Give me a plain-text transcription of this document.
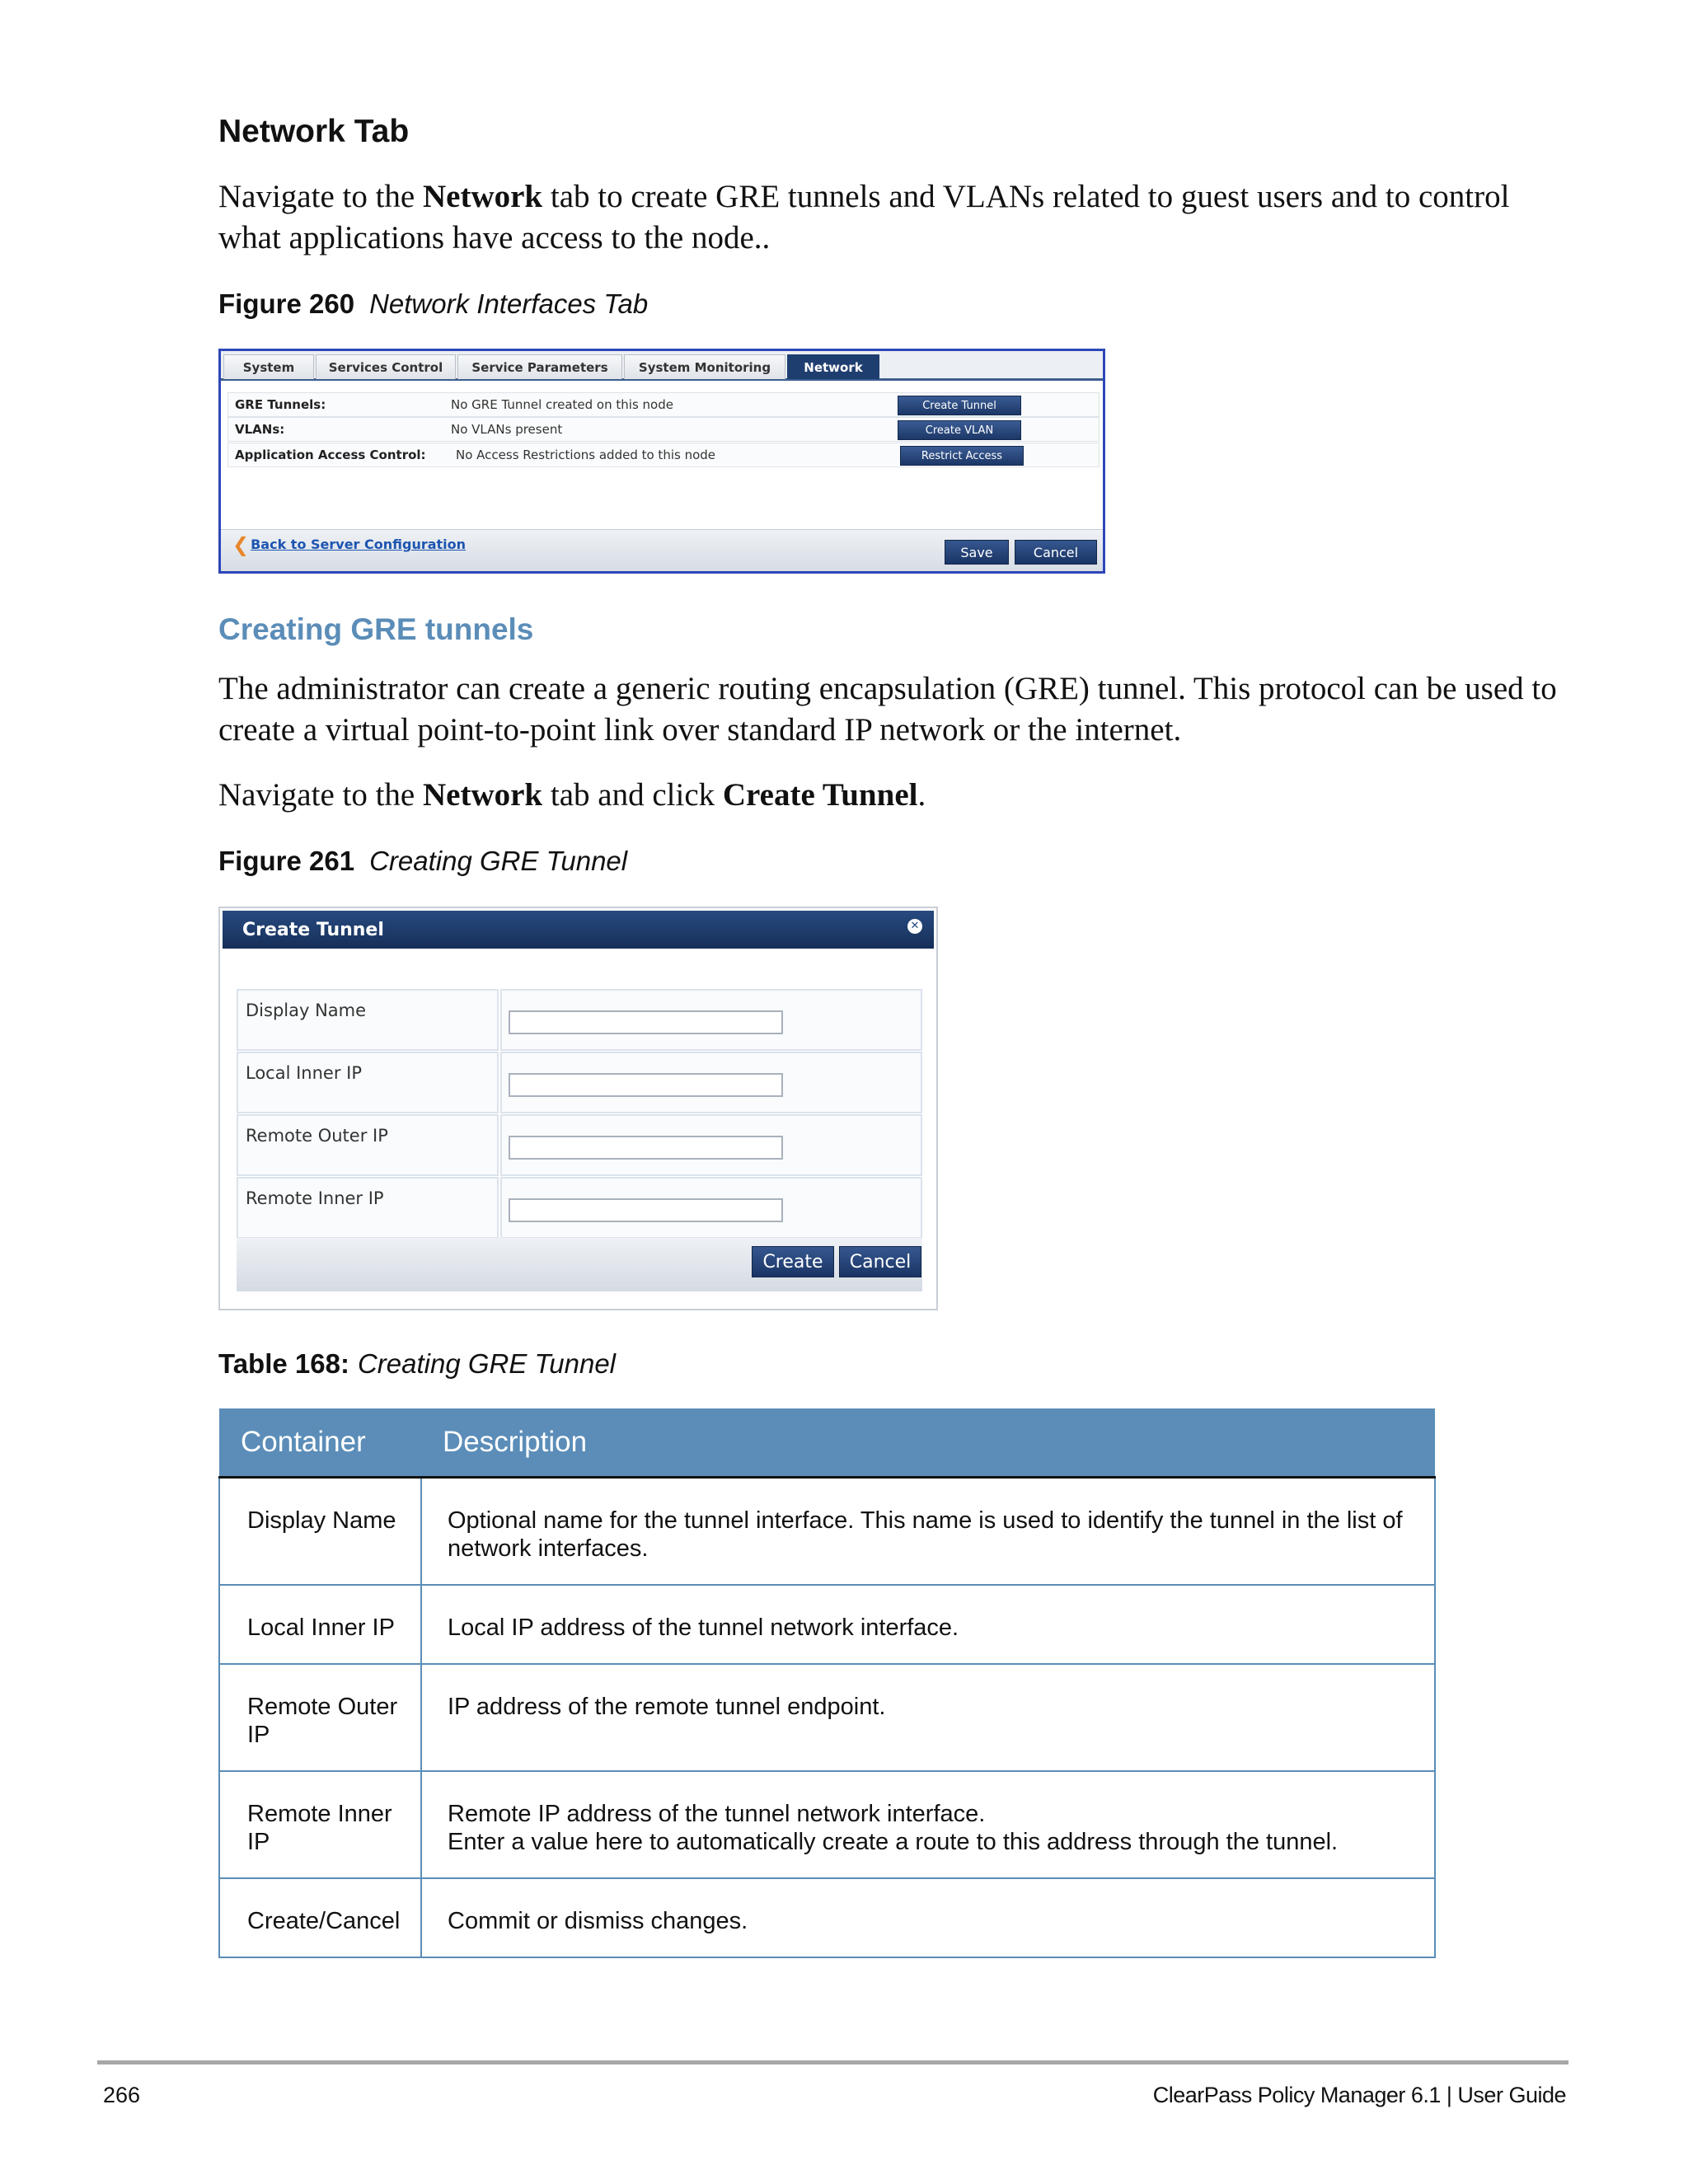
Network Tab

Navigate to the Network tab to create GRE tunnels and VLANs related to guest users and to control what applications have access to the node..

Figure 260 Network Interfaces Tab

System	Services Control	Service Parameters	System Monitoring	Network
GRE Tunnels:	No GRE Tunnel created on this node	Create Tunnel
VLANs:	No VLANs present	Create VLAN
Application Access Control: No Access Restrictions added to this node	Restrict Access
❮ Back to Server Configuration
Save	Cancel
Creating GRE tunnels

The administrator can create a generic routing encapsulation (GRE) tunnel. This protocol can be used to create a virtual point-to-point link over standard IP network or the internet.

Navigate to the Network tab and click Create Tunnel.

Figure 261 Creating GRE Tunnel

Create Tunnel	✕
Display Name
Local Inner IP
Remote Outer IP
Remote Inner IP
Create	Cancel

Table 168: Creating GRE Tunnel

Container	Description
Display Name	Optional name for the tunnel interface. This name is used to identify the tunnel in the list of network interfaces.
Local Inner IP	Local IP address of the tunnel network interface.
Remote Outer IP	IP address of the remote tunnel endpoint.
Remote Inner IP	Remote IP address of the tunnel network interface.
Enter a value here to automatically create a route to this address through the tunnel.

Create/Cancel	Commit or dismiss changes.
266	ClearPass Policy Manager 6.1 | User Guide
